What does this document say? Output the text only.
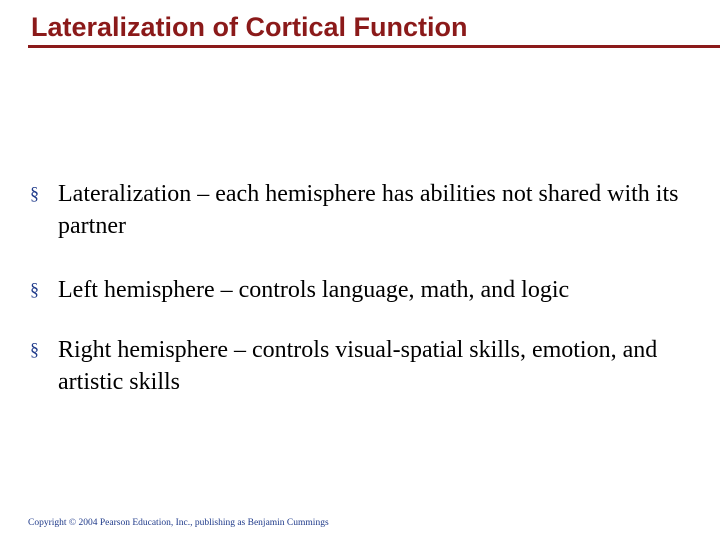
Lateralization of Cortical Function
§ Lateralization – each hemisphere has abilities not shared with its partner
§ Left hemisphere – controls language, math, and logic
§ Right hemisphere – controls visual-spatial skills, emotion, and artistic skills
Copyright © 2004 Pearson Education, Inc., publishing as Benjamin Cummings
